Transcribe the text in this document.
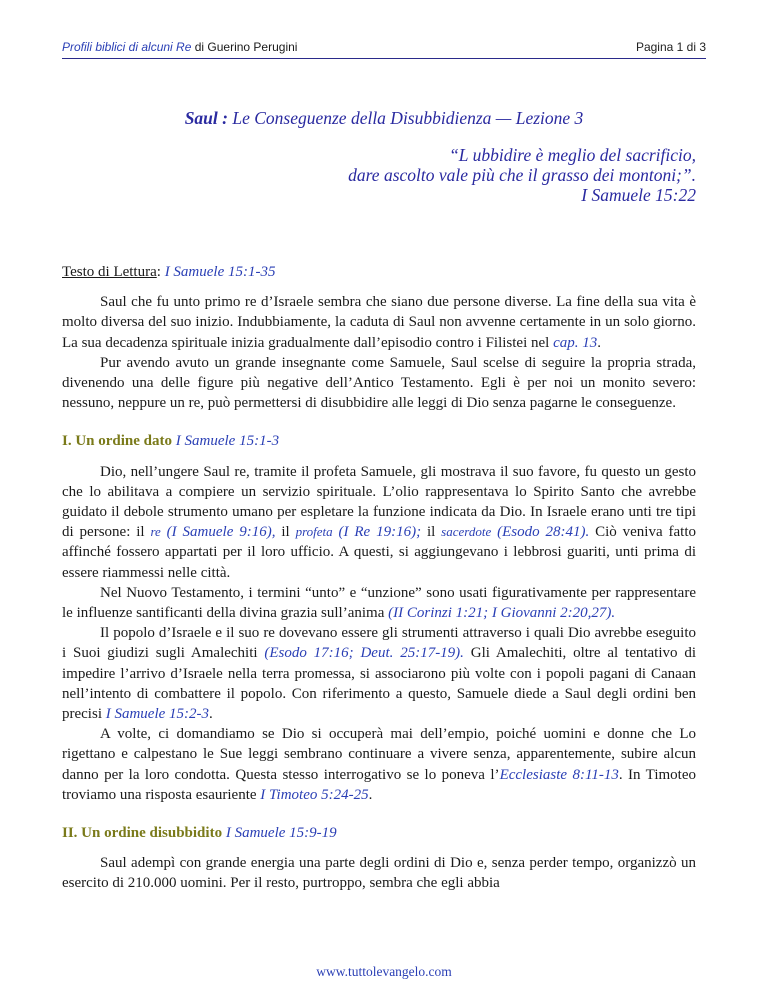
Profili biblici di alcuni Re di Guerino Perugini	Pagina 1 di 3
Saul : Le Conseguenze della Disubbidienza — Lezione 3
“L ubbidire è meglio del sacrificio,
dare ascolto vale più che il grasso dei montoni;”.
I Samuele 15:22

Testo di Lettura: I Samuele 15:1-35

Saul che fu unto primo re d’Israele sembra che siano due persone diverse. La fine della sua vita è molto diversa del suo inizio. Indubbiamente, la caduta di Saul non avvenne certamente in un solo giorno. La sua decadenza spirituale inizia gradualmente dall’episodio contro i Filistei nel cap. 13.

Pur avendo avuto un grande insegnante come Samuele, Saul scelse di seguire la propria strada, divenendo una delle figure più negative dell’Antico Testamento. Egli è per noi un monito severo: nessuno, neppure un re, può permettersi di disubbidire alle leggi di Dio senza pagarne le conseguenze.

I. Un ordine dato I Samuele 15:1-3

Dio, nell’ungere Saul re, tramite il profeta Samuele, gli mostrava il suo favore, fu questo un gesto che lo abilitava a compiere un servizio spirituale. L’olio rappresentava lo Spirito Santo che avrebbe guidato il debole strumento umano per espletare la funzione indicata da Dio. In Israele erano unti tre tipi di persone: il re (I Samuele 9:16), il profeta (I Re 19:16); il sacerdote (Esodo 28:41). Ciò veniva fatto affinché fossero appartati per il loro ufficio. A questi, si aggiungevano i lebbrosi guariti, unti prima di essere riammessi nelle città.

Nel Nuovo Testamento, i termini “unto” e “unzione” sono usati figurativamente per rappresentare le influenze santificanti della divina grazia sull’anima (II Corinzi 1:21; I Giovanni 2:20,27).

Il popolo d’Israele e il suo re dovevano essere gli strumenti attraverso i quali Dio avrebbe eseguito i Suoi giudizi sugli Amalechiti (Esodo 17:16; Deut. 25:17-19). Gli Amalechiti, oltre al tentativo di impedire l’arrivo d’Israele nella terra promessa, si associarono più volte con i popoli pagani di Canaan nell’intento di combattere il popolo. Con riferimento a questo, Samuele diede a Saul degli ordini ben precisi I Samuele 15:2-3.

A volte, ci domandiamo se Dio si occuperà mai dell’empio, poiché uomini e donne che Lo rigettano e calpestano le Sue leggi sembrano continuare a vivere senza, apparentemente, subire alcun danno per la loro condotta. Questa stesso interrogativo se lo poneva l’Ecclesiaste 8:11-13. In Timoteo troviamo una risposta esauriente I Timoteo 5:24-25.

II. Un ordine disubbidito I Samuele 15:9-19

Saul adempì con grande energia una parte degli ordini di Dio e, senza perder tempo, organizzò un esercito di 210.000 uomini. Per il resto, purtroppo, sembra che egli abbia

www.tuttolevangelo.com
